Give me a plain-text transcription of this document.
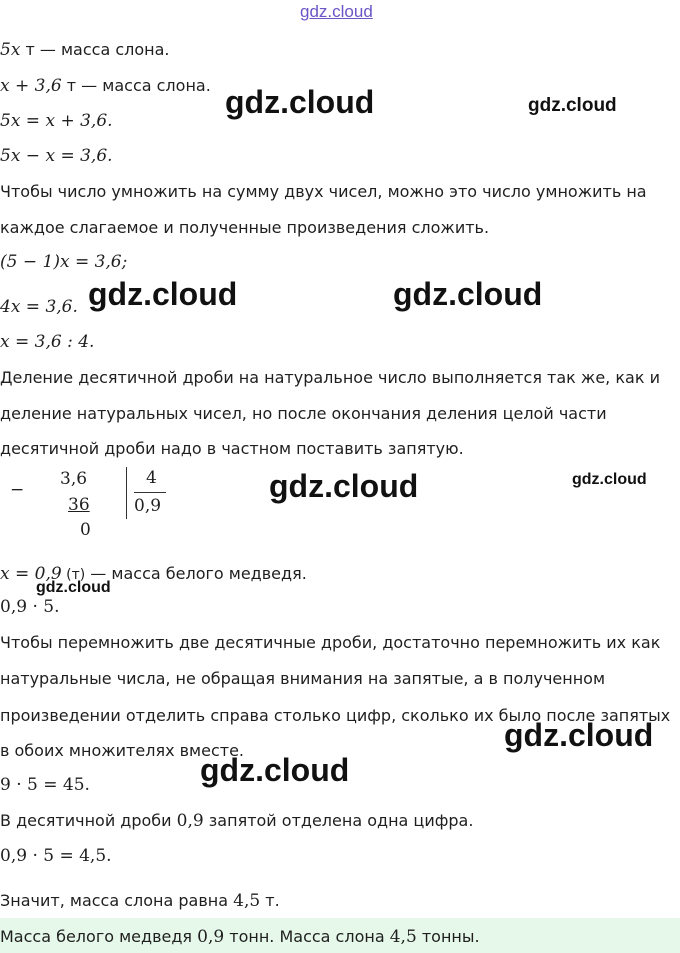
gdz.cloud
5x т — масса слона.
x + 3,6 т — масса слона.
5x = x + 3,6.
5x − x = 3,6.
Чтобы число умножить на сумму двух чисел, можно это число умножить на
каждое слагаемое и полученные произведения сложить.
(5 − 1)x = 3,6;
4x = 3,6.
x = 3,6 : 4.
Деление десятичной дроби на натуральное число выполняется так же, как и
деление натуральных чисел, но после окончания деления целой части
десятичной дроби надо в частном поставить запятую.
−
3,6
36
0
4
0,9
x = 0,9 (т) — масса белого медведя.
0,9 · 5.
Чтобы перемножить две десятичные дроби, достаточно перемножить их как
натуральные числа, не обращая внимания на запятые, а в полученном
произведении отделить справа столько цифр, сколько их было после запятых
в обоих множителях вместе.
9 · 5 = 45.
В десятичной дроби 0,9 запятой отделена одна цифра.
0,9 · 5 = 4,5.
Значит, масса слона равна 4,5 т.
Масса белого медведя 0,9 тонн. Масса слона 4,5 тонны.
gdz.cloud	gdz.cloud
gdz.cloud	gdz.cloud
gdz.cloud	gdz.cloud
gdz.cloud
gdz.cloud
gdz.cloud
